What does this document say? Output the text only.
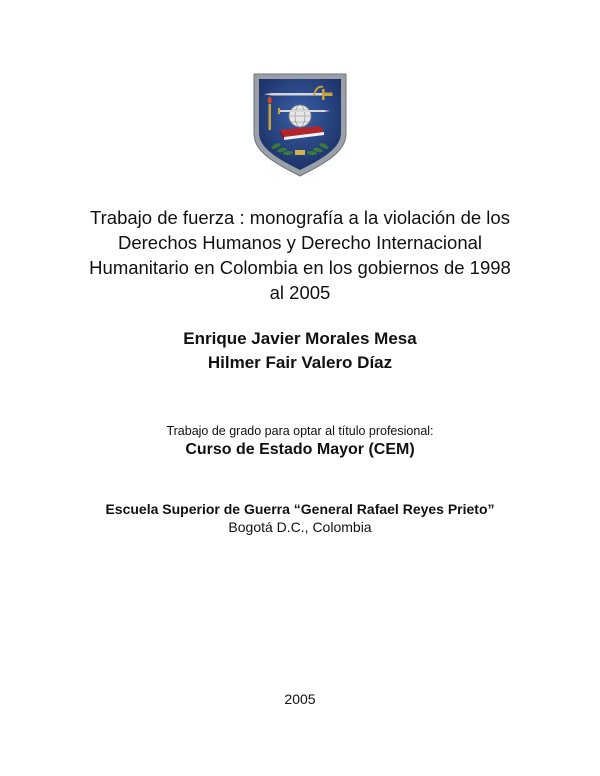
Trabajo de fuerza : monografía a la violación de los
Derechos Humanos y Derecho Internacional
Humanitario en Colombia en los gobiernos de 1998
al 2005
Enrique Javier Morales Mesa
Hilmer Fair Valero Díaz
Trabajo de grado para optar al título profesional:
Curso de Estado Mayor (CEM)
Escuela Superior de Guerra “General Rafael Reyes Prieto”
Bogotá D.C., Colombia
2005
